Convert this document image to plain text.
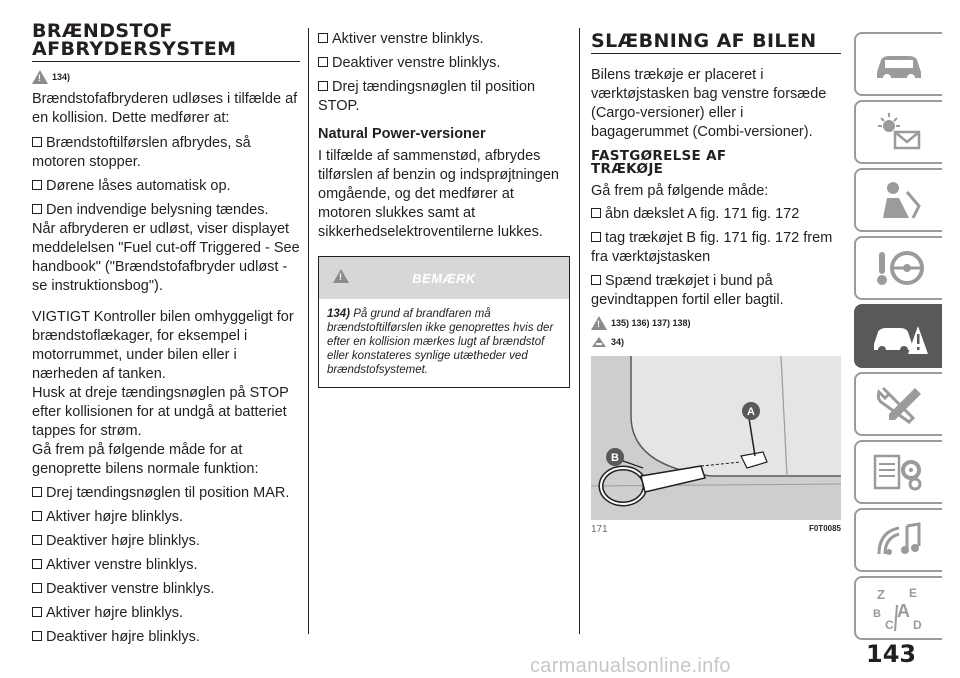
BRÆNDSTOF
AFBRYDERSYSTEM
! 134)

Brændstofafbryderen udløses i tilfælde af en kollision. Dette medfører at:

Brændstoftilførslen afbrydes, så motoren stopper.
Dørene låses automatisk op.
Den indvendige belysning tændes.

Når afbryderen er udløst, viser displayet meddelelsen "Fuel cut-off Triggered - See handbook" ("Brændstofafbryder udløst - se instruktionsbog").

VIGTIGT Kontroller bilen omhyggeligt for brændstoflækager, for eksempel i motorrummet, under bilen eller i nærheden af tanken.

Husk at dreje tændingsnøglen på STOP efter kollisionen for at undgå at batteriet tappes for strøm.

Gå frem på følgende måde for at genoprette bilens normale funktion:

Drej tændingsnøglen til position MAR.
Aktiver højre blinklys.
Deaktiver højre blinklys.
Aktiver venstre blinklys.
Deaktiver venstre blinklys.
Aktiver højre blinklys.
Deaktiver højre blinklys.
Aktiver venstre blinklys.
Deaktiver venstre blinklys.
Drej tændingsnøglen til position STOP.
Natural Power-versioner

I tilfælde af sammenstød, afbrydes tilførslen af benzin og indsprøjtningen omgående, og det medfører at motoren slukkes samt at sikkerhedselektroventilerne lukkes.

!	BEMÆRK
134) På grund af brandfaren må brændstoftilførslen ikke genoprettes hvis der efter en kollision mærkes lugt af brændstof eller konstateres synlige utætheder ved brændstofsystemet.
SLÆBNING AF BILEN

Bilens trækøje er placeret i værktøjstasken bag venstre forsæde (Cargo-versioner) eller i bagagerummet (Combi-versioner).

FASTGØRELSE AF
TRÆKØJE

Gå frem på følgende måde:

åbn dækslet A fig. 171 fig. 172
tag trækøjet B fig. 171 fig. 172 frem fra værktøjstasken
Spænd trækøjet i bund på gevindtappen fortil eller bagtil.
! 135) 136) 137) 138)
34)
A
B
171	F0T0085
Z E
B A
C D
143
carmanualsonline.info
